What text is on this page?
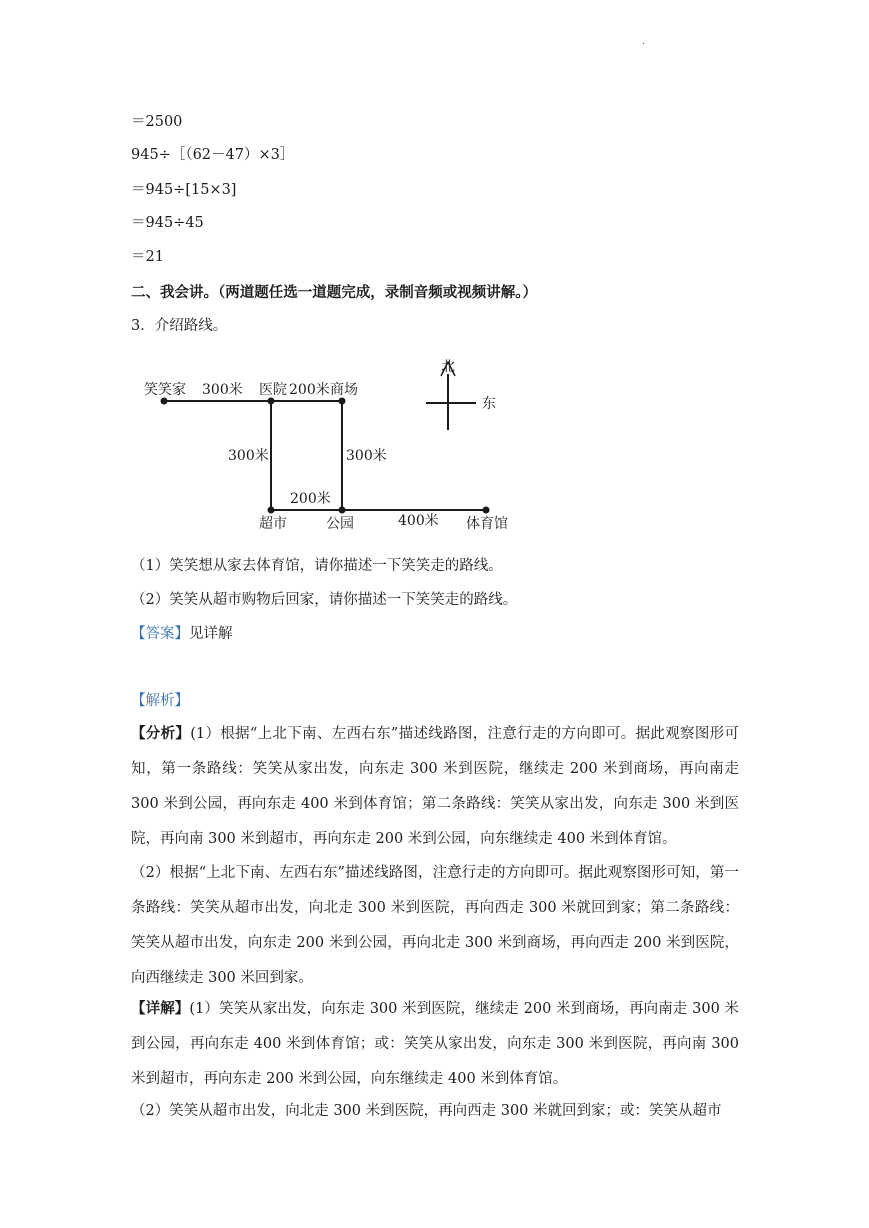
.
＝2500
945÷［（62－47）×3］
＝945÷[15×3]
＝945÷45
＝21
二、我会讲。（两道题任选一道题完成，录制音频或视频讲解。）
3．介绍路线。
笑笑家 300米 医院 200米 商场
300米	300米
200米
超市	公园	400米 体育馆
北
东
（1）笑笑想从家去体育馆，请你描述一下笑笑走的路线。
（2）笑笑从超市购物后回家，请你描述一下笑笑走的路线。
【答案】见详解
【解析】
【分析】(1）根据“上北下南、左西右东”描述线路图，注意行走的方向即可。据此观察图形可知，第一条路线：笑笑从家出发，向东走 300 米到医院，继续走 200 米到商场，再向南走 300 米到公园，再向东走 400 米到体育馆；第二条路线：笑笑从家出发，向东走 300 米到医院，再向南 300 米到超市，再向东走 200 米到公园，向东继续走 400 米到体育馆。
（2）根据“上北下南、左西右东”描述线路图，注意行走的方向即可。据此观察图形可知，第一条路线：笑笑从超市出发，向北走 300 米到医院，再向西走 300 米就回到家；第二条路线：笑笑从超市出发，向东走 200 米到公园，再向北走 300 米到商场，再向西走 200 米到医院，向西继续走 300 米回到家。
【详解】(1）笑笑从家出发，向东走 300 米到医院，继续走 200 米到商场，再向南走 300 米到公园，再向东走 400 米到体育馆；或：笑笑从家出发，向东走 300 米到医院，再向南 300 米到超市，再向东走 200 米到公园，向东继续走 400 米到体育馆。
（2）笑笑从超市出发，向北走 300 米到医院，再向西走 300 米就回到家；或：笑笑从超市
